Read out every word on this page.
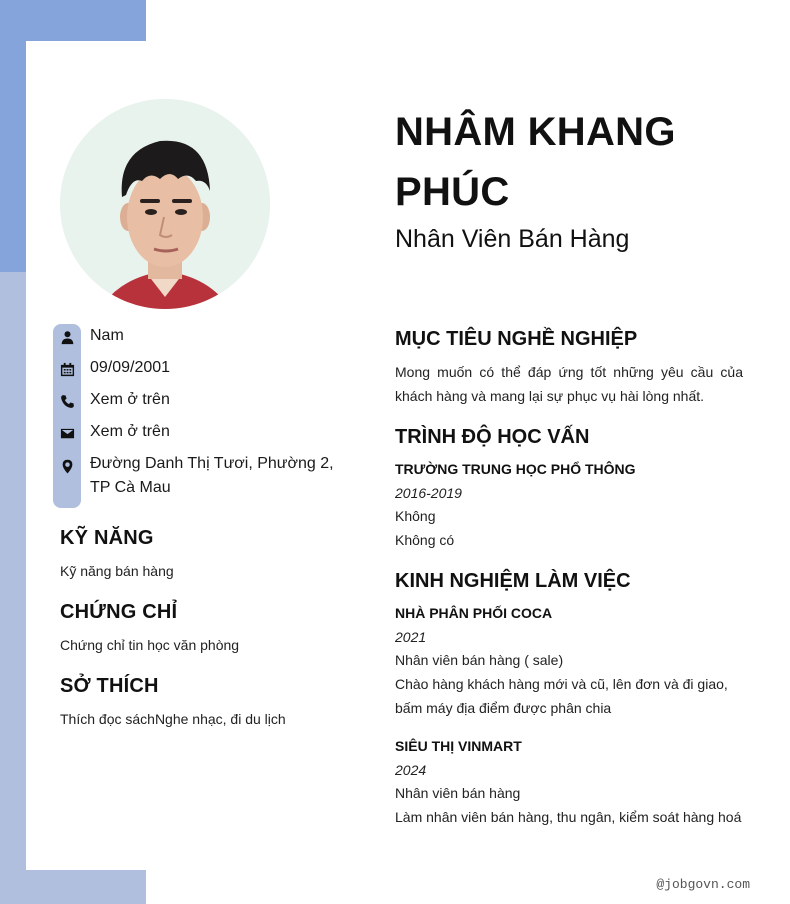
NHÂM KHANG PHÚC
Nhân Viên Bán Hàng
Nam
09/09/2001
Xem ở trên
Xem ở trên
Đường Danh Thị Tươi, Phường 2, TP Cà Mau
KỸ NĂNG
Kỹ năng bán hàng
CHỨNG CHỈ
Chứng chỉ tin học văn phòng
SỞ THÍCH
Thích đọc sáchNghe nhạc, đi du lịch
MỤC TIÊU NGHỀ NGHIỆP
Mong muốn có thể đáp ứng tốt những yêu cầu của khách hàng và mang lại sự phục vụ hài lòng nhất.
TRÌNH ĐỘ HỌC VẤN
TRƯỜNG TRUNG HỌC PHỔ THÔNG
2016-2019
Không
Không có
KINH NGHIỆM LÀM VIỆC
NHÀ PHÂN PHỐI COCA
2021
Nhân viên bán hàng ( sale)
Chào hàng khách hàng mới và cũ, lên đơn và đi giao, bấm máy địa điểm được phân chia
SIÊU THỊ VINMART
2024
Nhân viên bán hàng
Làm nhân viên bán hàng, thu ngân, kiểm soát hàng hoá
@jobgovn.com
